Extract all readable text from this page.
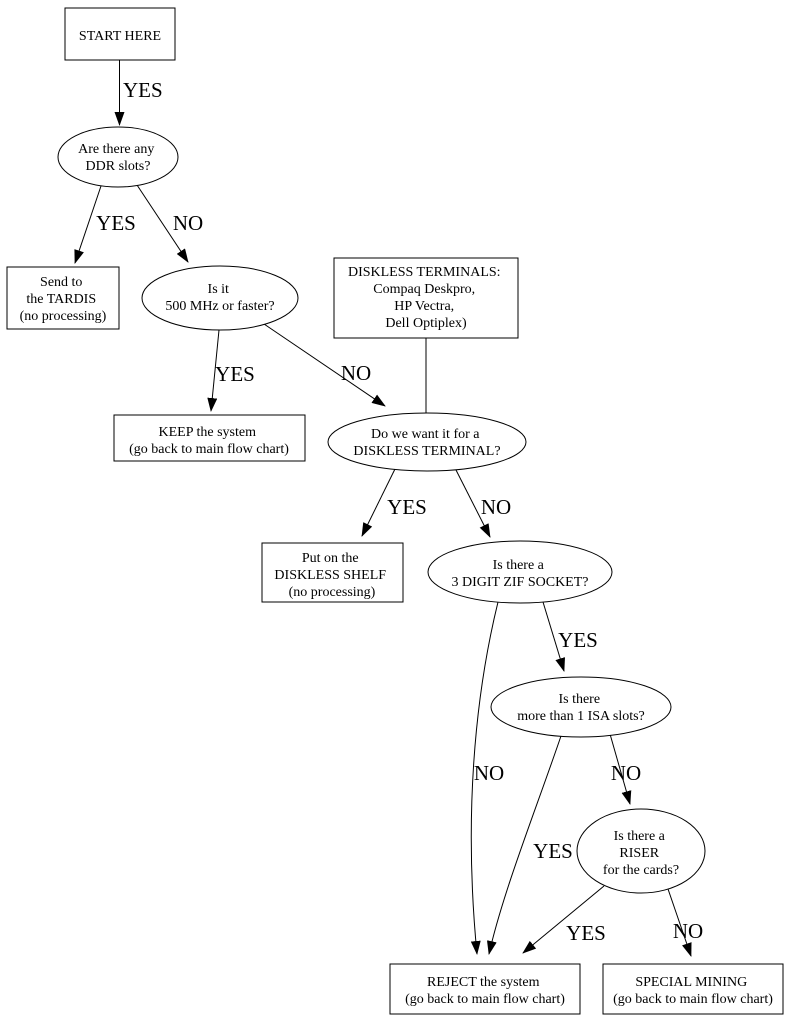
YES
YES NO
YES	NO
YES	NO
YES
NO
YES
NO
YES	NO
START HERE
Are there any DDR slots?
Send to the TARDIS (no processing)
Is it 500 MHz or faster?
DISKLESS TERMINALS: Compaq Deskpro, HP Vectra, Dell Optiplex)
KEEP the system (go back to main flow chart)
Do we want it for a DISKLESS TERMINAL?
Put on the DISKLESS SHELF (no processing)
Is there a 3 DIGIT ZIF SOCKET?
Is there more than 1 ISA slots?
Is there a RISER for the cards?
REJECT the system (go back to main flow chart)
SPECIAL MINING (go back to main flow chart)
